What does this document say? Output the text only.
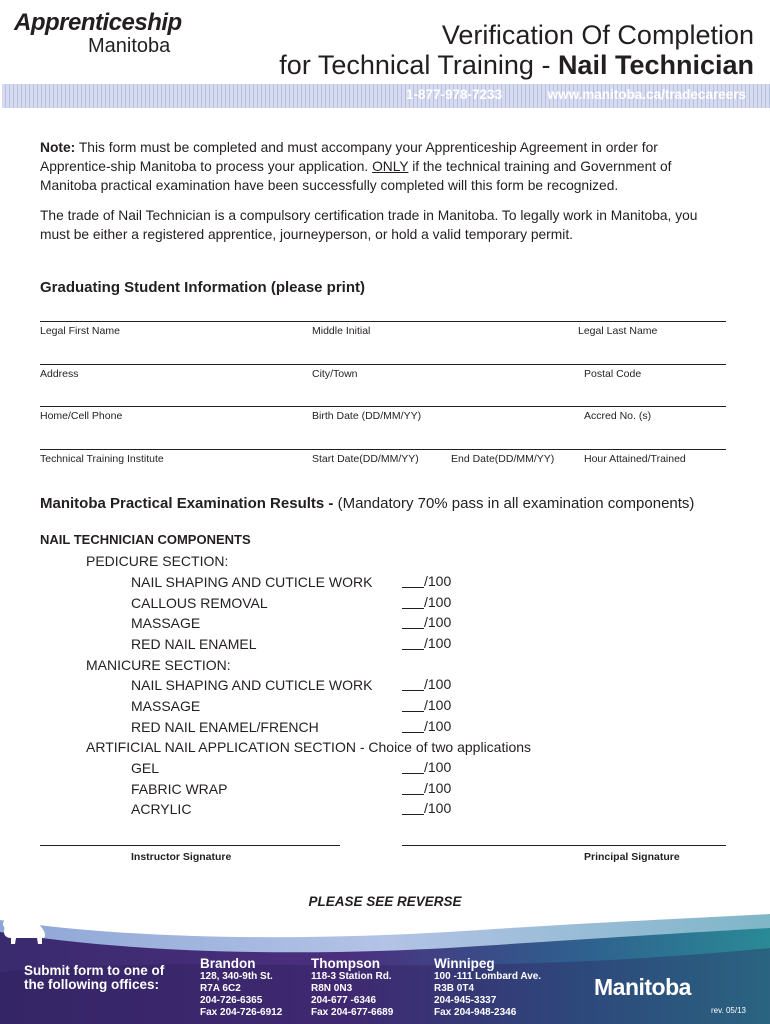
Apprenticeship
Manitoba	Verification Of Completion
for Technical Training - Nail Technician
1-877-978-7233	www.manitoba.ca/tradecareers
Note: This form must be completed and must accompany your Apprenticeship Agreement in order for Apprentice-ship Manitoba to process your application. ONLY if the technical training and Government of Manitoba practical examination have been successfully completed will this form be recognized.
The trade of Nail Technician is a compulsory certification trade in Manitoba. To legally work in Manitoba, you must be either a registered apprentice, journeyperson, or hold a valid temporary permit.
Graduating Student Information (please print)
Legal First Name	Middle Initial	Legal Last Name
Address	City/Town	Postal Code
Home/Cell Phone	Birth Date (DD/MM/YY)	Accred No. (s)
Technical Training Institute	Start Date(DD/MM/YY)	End Date(DD/MM/YY)	Hour Attained/Trained
Manitoba Practical Examination Results - (Mandatory 70% pass in all examination components)
NAIL TECHNICIAN COMPONENTS
PEDICURE SECTION:
NAIL SHAPING AND CUTICLE WORK	/100
CALLOUS REMOVAL	/100
MASSAGE	/100
RED NAIL ENAMEL	/100
MANICURE SECTION:
NAIL SHAPING AND CUTICLE WORK	/100
MASSAGE	/100
RED NAIL ENAMEL/FRENCH	/100
ARTIFICIAL NAIL APPLICATION SECTION - Choice of two applications
GEL	/100
FABRIC WRAP	/100
ACRYLIC	/100
Instructor Signature	Principal Signature
PLEASE SEE REVERSE
Submit form to one of
the following offices:
Brandon
128, 340-9th St.
R7A 6C2
204-726-6365
Fax 204-726-6912
Thompson
118-3 Station Rd.
R8N 0N3
204-677 -6346
Fax 204-677-6689
Winnipeg
100 -111 Lombard Ave.
R3B 0T4
204-945-3337
Fax 204-948-2346
Manitoba
rev. 05/13
